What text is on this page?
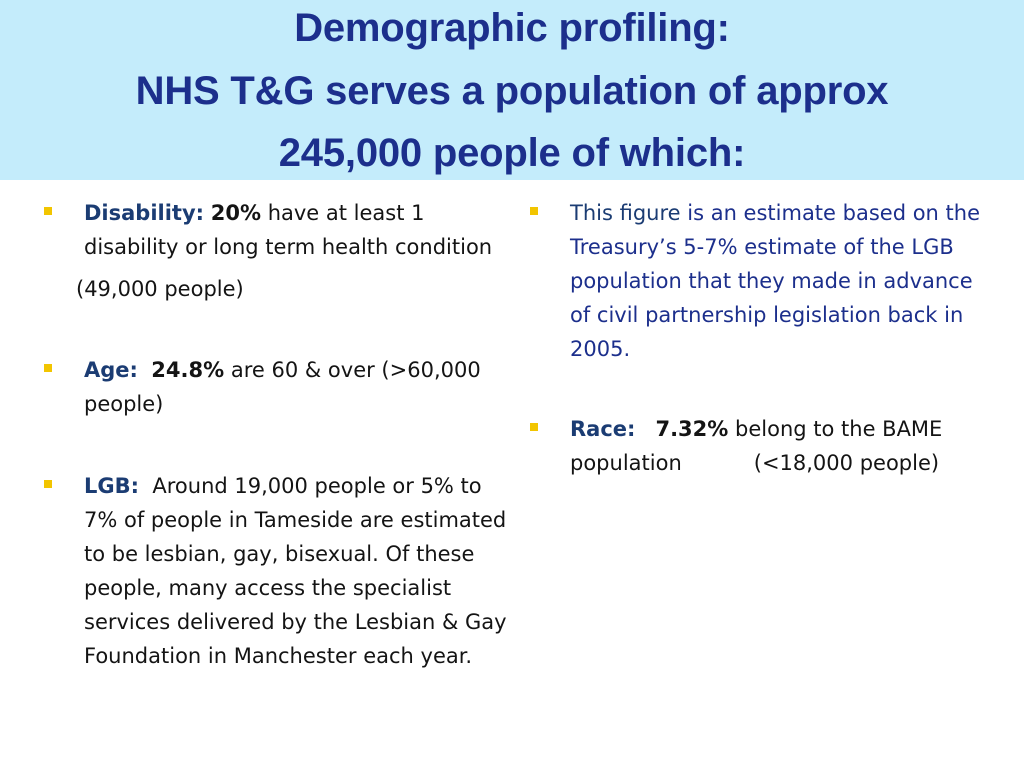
Demographic profiling:
NHS T&G serves a population of approx
245,000 people of which:
Disability: 20% have at least 1 disability or long term health condition
(49,000 people)
Age: 24.8% are 60 & over (>60,000 people)
LGB: Around 19,000 people or 5% to 7% of people in Tameside are estimated to be lesbian, gay, bisexual. Of these people, many access the specialist services delivered by the Lesbian & Gay Foundation in Manchester each year.
This figure is an estimate based on the Treasury’s 5-7% estimate of the LGB population that they made in advance of civil partnership legislation back in 2005.
Race: 7.32% belong to the BAME population	(<18,000 people)
